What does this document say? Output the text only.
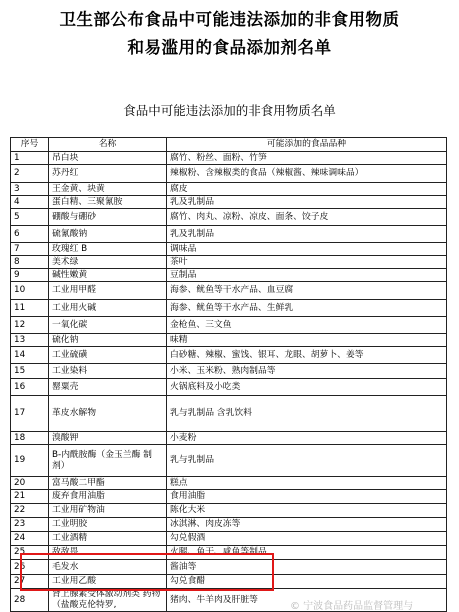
卫生部公布食品中可能违法添加的非食用物质
和易滥用的食品添加剂名单
食品中可能违法添加的非食用物质名单
序号	名称	可能添加的食品品种
1	吊白块	腐竹、粉丝、面粉、竹笋
2	苏丹红	辣椒粉、含辣椒类的食品（辣椒酱、辣味调味品）
3	王金黄、块黄	腐皮
4	蛋白精、三聚氰胺	乳及乳制品
5	硼酸与硼砂	腐竹、肉丸、凉粉、凉皮、面条、饺子皮
6	硫氰酸钠	乳及乳制品
7	玫瑰红 B	调味品
8	美术绿	茶叶
9	碱性嫩黄	豆制品
10	工业用甲醛	海参、鱿鱼等干水产品、血豆腐
11	工业用火碱	海参、鱿鱼等干水产品、生鲜乳
12	一氧化碳	金枪鱼、三文鱼
13	硫化钠	味精
14	工业硫磺	白砂糖、辣椒、蜜饯、银耳、龙眼、胡萝卜、姜等
15	工业染料	小米、玉米粉、熟肉制品等
16	罂粟壳	火锅底料及小吃类
17	革皮水解物	乳与乳制品 含乳饮料
18	溴酸钾	小麦粉
19	B-内酰胺酶（金玉兰酶 制剂）	乳与乳制品
20	富马酸二甲酯	糕点
21	废弃食用油脂	食用油脂
22	工业用矿物油	陈化大米
23	工业明胶	冰淇淋、肉皮冻等
24	工业酒精	勾兑假酒
25	敌敌畏	火腿、鱼干、咸鱼等制品
26	毛发水	酱油等
27	工业用乙酸	勾兑食醋
28	肾上腺素受体激动剂类 药物（盐酸克伦特罗,	猪肉、牛羊肉及肝脏等
© 宁波食品药品监督管理与
